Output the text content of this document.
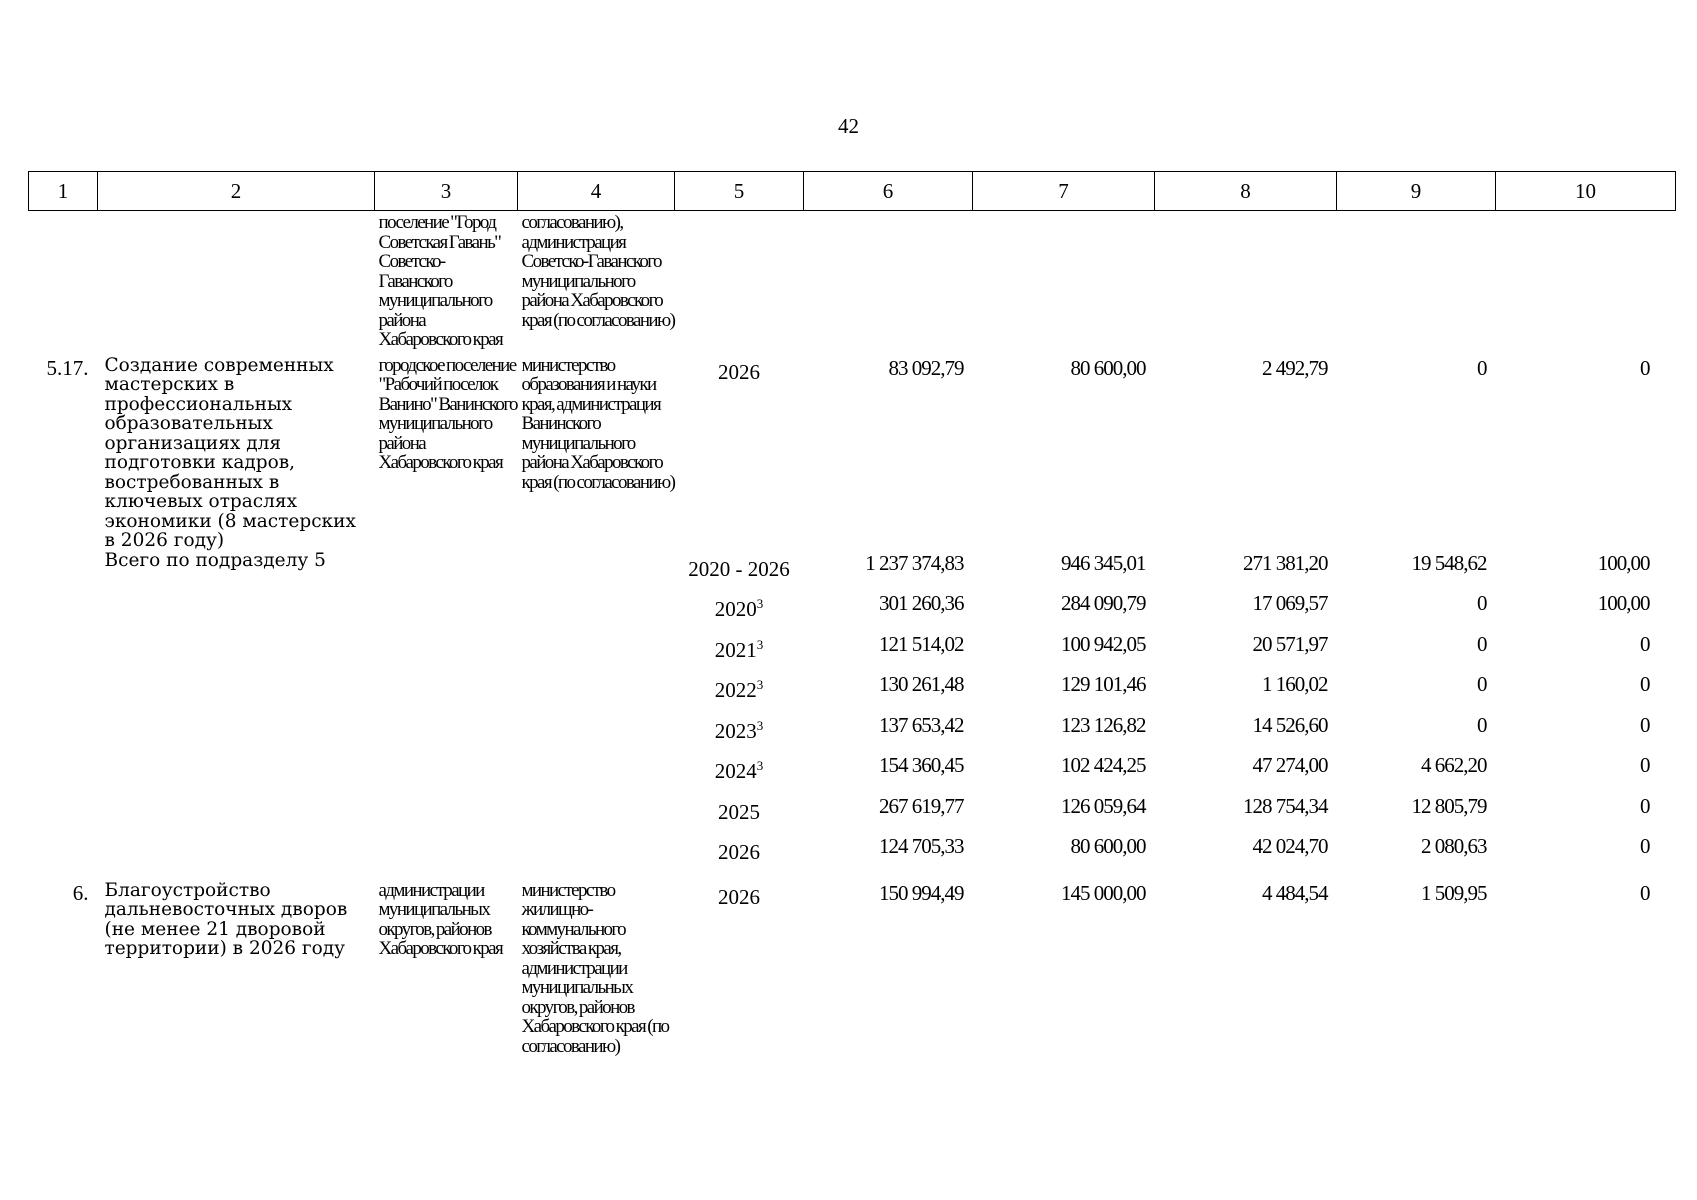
42
1	2	3	4	5	6	7	8	9	10
		поселение "Город Советская Гавань" Советско-Гаванского муниципального района Хабаровского края	согласованию), администрация Советско-Гаванского муниципального района Хабаровского края (по согласованию)						
5.17.	Создание современных мастерских в профессиональных образовательных организациях для подготовки кадров, востребованных в ключевых отраслях экономики (8 мастерских в 2026 году)	городское поселение "Рабочий поселок Ванино" Ванинского муниципального района Хабаровского края	министерство образования и науки края, администрация Ванинского муниципального района Хабаровского края (по согласованию)	2026	83 092,79	80 600,00	2 492,79	0	0
	Всего по подразделу 5			2020 - 2026	1 237 374,83	946 345,01	271 381,20	19 548,62	100,00
				2020$^3$	301 260,36	284 090,79	17 069,57	0	100,00
				2021$^3$	121 514,02	100 942,05	20 571,97	0	0
				2022$^3$	130 261,48	129 101,46	1 160,02	0	0
				2023$^3$	137 653,42	123 126,82	14 526,60	0	0
				2024$^3$	154 360,45	102 424,25	47 274,00	4 662,20	0
				2025	267 619,77	126 059,64	128 754,34	12 805,79	0
				2026	124 705,33	80 600,00	42 024,70	2 080,63	0
6.	Благоустройство дальневосточных дворов (не менее 21 дворовой территории) в 2026 году	администрации муниципальных округов, районов Хабаровского края	министерство жилищно-коммунального хозяйства края, администрации муниципальных округов, районов Хабаровского края (по согласованию)	2026	150 994,49	145 000,00	4 484,54	1 509,95	0
